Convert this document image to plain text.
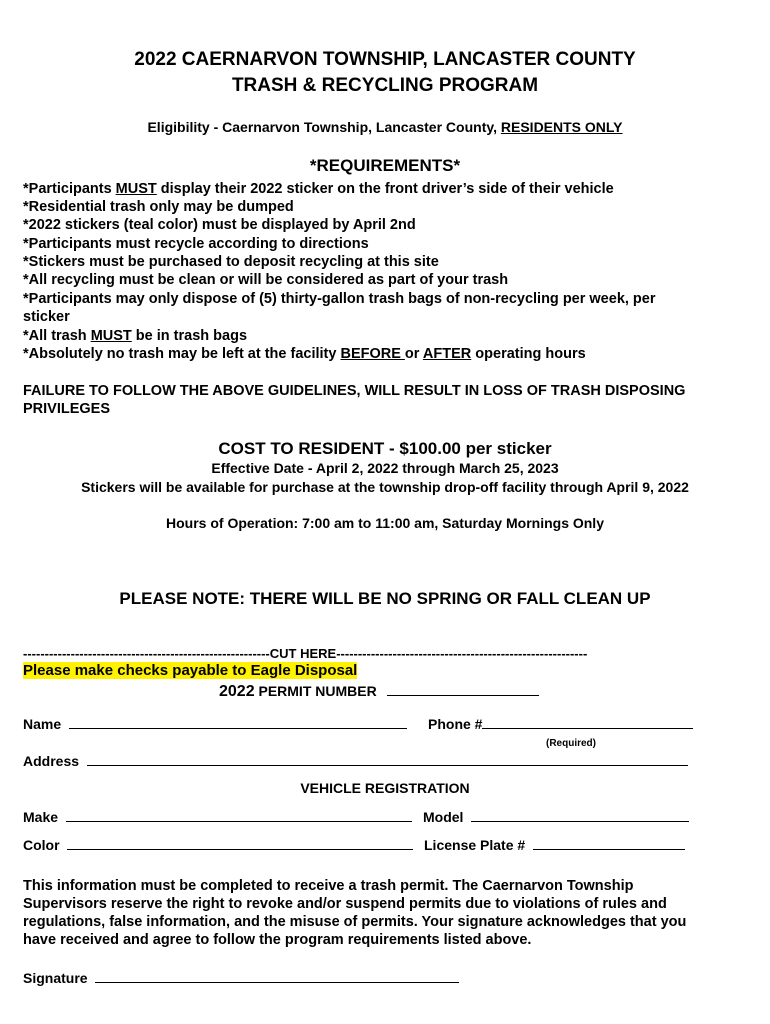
2022 CAERNARVON TOWNSHIP, LANCASTER COUNTY
TRASH & RECYCLING PROGRAM
Eligibility - Caernarvon Township, Lancaster County, RESIDENTS ONLY
*REQUIREMENTS*
*Participants MUST display their 2022 sticker on the front driver’s side of their vehicle
*Residential trash only may be dumped
*2022 stickers (teal color) must be displayed by April 2nd
*Participants must recycle according to directions
*Stickers must be purchased to deposit recycling at this site
*All recycling must be clean or will be considered as part of your trash
*Participants may only dispose of (5) thirty-gallon trash bags of non-recycling per week, per
sticker
*All trash MUST be in trash bags
*Absolutely no trash may be left at the facility BEFORE or AFTER operating hours
FAILURE TO FOLLOW THE ABOVE GUIDELINES, WILL RESULT IN LOSS OF TRASH DISPOSING
PRIVILEGES
COST TO RESIDENT - $100.00 per sticker
Effective Date - April 2, 2022 through March 25, 2023
Stickers will be available for purchase at the township drop-off facility through April 9, 2022
Hours of Operation: 7:00 am to 11:00 am, Saturday Mornings Only
PLEASE NOTE: THERE WILL BE NO SPRING OR FALL CLEAN UP
---------------------------------------------------------CUT HERE----------------------------------------------------------
Please make checks payable to Eagle Disposal
2022 PERMIT NUMBER
Name	Phone #
(Required)
Address
VEHICLE REGISTRATION
Make	Model
Color	License Plate #
This information must be completed to receive a trash permit. The Caernarvon Township
Supervisors reserve the right to revoke and/or suspend permits due to violations of rules and
regulations, false information, and the misuse of permits. Your signature acknowledges that you
have received and agree to follow the program requirements listed above.
Signature
